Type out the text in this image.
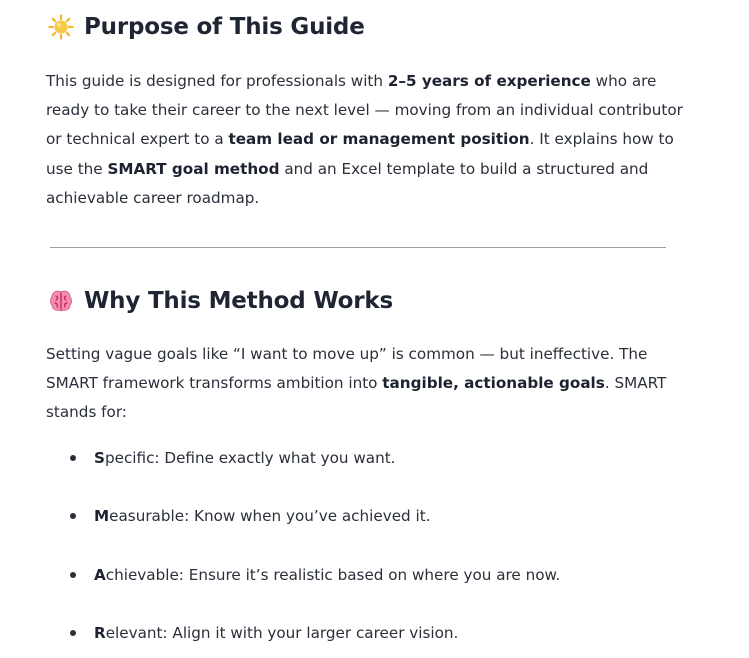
Purpose of This Guide
This guide is designed for professionals with 2–5 years of experience who are ready to take their career to the next level — moving from an individual contributor or technical expert to a team lead or management position. It explains how to use the SMART goal method and an Excel template to build a structured and achievable career roadmap.
Why This Method Works
Setting vague goals like “I want to move up” is common — but ineffective. The SMART framework transforms ambition into tangible, actionable goals. SMART stands for:
S pecific: Define exactly what you want.
M easurable: Know when you’ve achieved it.
A chievable: Ensure it’s realistic based on where you are now.
R elevant: Align it with your larger career vision.
